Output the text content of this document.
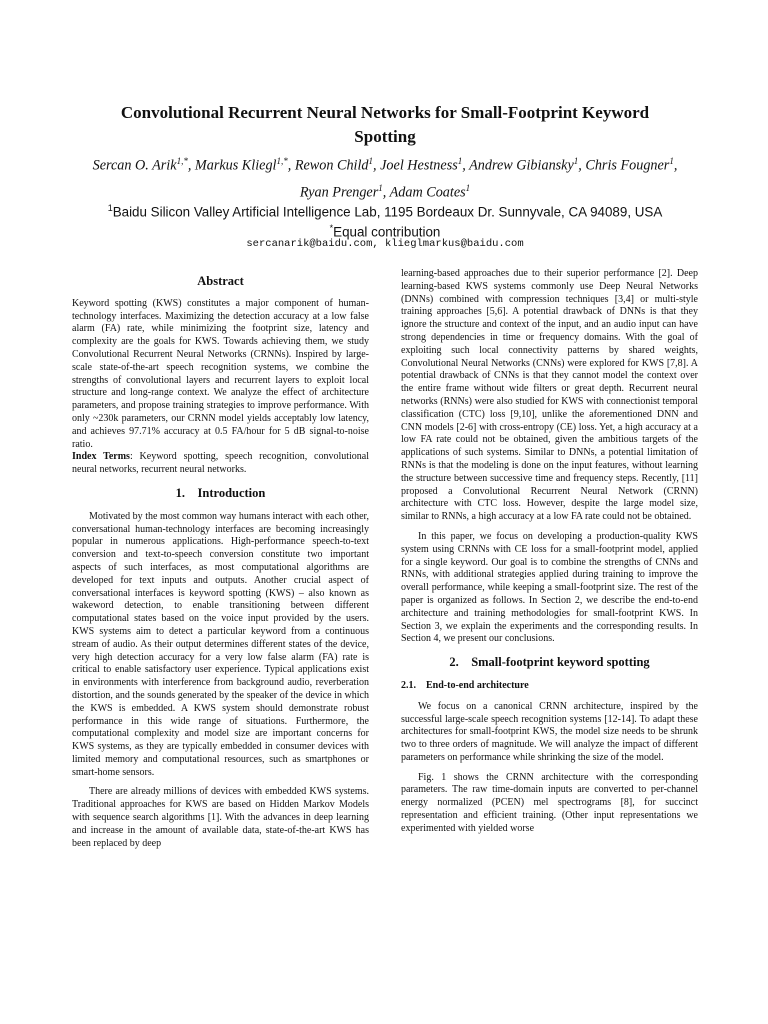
Convolutional Recurrent Neural Networks for Small-Footprint Keyword Spotting

Sercan O. Arik$^{1,*}$, Markus Kliegl$^{1,*}$, Rewon Child$^1$, Joel Hestness$^1$, Andrew Gibiansky$^1$, Chris Fougner$^1$, Ryan Prenger$^1$, Adam Coates$^1$

$^1$Baidu Silicon Valley Artificial Intelligence Lab, 1195 Bordeaux Dr. Sunnyvale, CA 94089, USA
*Equal contribution

sercanarik@baidu.com, klieglmarkus@baidu.com

Abstract

Keyword spotting (KWS) constitutes a major component of human-technology interfaces. Maximizing the detection accuracy at a low false alarm (FA) rate, while minimizing the footprint size, latency and complexity are the goals for KWS. Towards achieving them, we study Convolutional Recurrent Neural Networks (CRNNs). Inspired by large-scale state-of-the-art speech recognition systems, we combine the strengths of convolutional layers and recurrent layers to exploit local structure and long-range context. We analyze the effect of architecture parameters, and propose training strategies to improve performance. With only ~230k parameters, our CRNN model yields acceptably low latency, and achieves 97.71% accuracy at 0.5 FA/hour for 5 dB signal-to-noise ratio.

Index Terms: Keyword spotting, speech recognition, convolutional neural networks, recurrent neural networks.

1. Introduction

Motivated by the most common way humans interact with each other, conversational human-technology interfaces are becoming increasingly popular in numerous applications. High-performance speech-to-text conversion and text-to-speech conversion constitute two important aspects of such interfaces, as most computational algorithms are developed for text inputs and outputs. Another crucial aspect of conversational interfaces is keyword spotting (KWS) – also known as wakeword detection, to enable transitioning between different computational states based on the voice input provided by the users. KWS systems aim to detect a particular keyword from a continuous stream of audio. As their output determines different states of the device, very high detection accuracy for a very low false alarm (FA) rate is critical to enable satisfactory user experience. Typical applications exist in environments with interference from background audio, reverberation distortion, and the sounds generated by the speaker of the device in which the KWS is embedded. A KWS system should demonstrate robust performance in this wide range of situations. Furthermore, the computational complexity and model size are important concerns for KWS systems, as they are typically embedded in consumer devices with limited memory and computational resources, such as smartphones or smart-home sensors.

There are already millions of devices with embedded KWS systems. Traditional approaches for KWS are based on Hidden Markov Models with sequence search algorithms [1]. With the advances in deep learning and increase in the amount of available data, state-of-the-art KWS has been replaced by deep

learning-based approaches due to their superior performance [2]. Deep learning-based KWS systems commonly use Deep Neural Networks (DNNs) combined with compression techniques [3,4] or multi-style training approaches [5,6]. A potential drawback of DNNs is that they ignore the structure and context of the input, and an audio input can have strong dependencies in time or frequency domains. With the goal of exploiting such local connectivity patterns by shared weights, Convolutional Neural Networks (CNNs) were explored for KWS [7,8]. A potential drawback of CNNs is that they cannot model the context over the entire frame without wide filters or great depth. Recurrent neural networks (RNNs) were also studied for KWS with connectionist temporal classification (CTC) loss [9,10], unlike the aforementioned DNN and CNN models [2-6] with cross-entropy (CE) loss. Yet, a high accuracy at a low FA rate could not be obtained, given the ambitious targets of the applications of such systems. Similar to DNNs, a potential limitation of RNNs is that the modeling is done on the input features, without learning the structure between successive time and frequency steps. Recently, [11] proposed a Convolutional Recurrent Neural Network (CRNN) architecture with CTC loss. However, despite the large model size, similar to RNNs, a high accuracy at a low FA rate could not be obtained.

In this paper, we focus on developing a production-quality KWS system using CRNNs with CE loss for a small-footprint model, applied for a single keyword. Our goal is to combine the strengths of CNNs and RNNs, with additional strategies applied during training to improve the overall performance, while keeping a small-footprint size. The rest of the paper is organized as follows. In Section 2, we describe the end-to-end architecture and training methodologies for small-footprint KWS. In Section 3, we explain the experiments and the corresponding results. In Section 4, we present our conclusions.

2. Small-footprint keyword spotting
2.1. End-to-end architecture

We focus on a canonical CRNN architecture, inspired by the successful large-scale speech recognition systems [12-14]. To adapt these architectures for small-footprint KWS, the model size needs to be shrunk two to three orders of magnitude. We will analyze the impact of different parameters on performance while shrinking the size of the model.

Fig. 1 shows the CRNN architecture with the corresponding parameters. The raw time-domain inputs are converted to per-channel energy normalized (PCEN) mel spectrograms [8], for succinct representation and efficient training. (Other input representations we experimented with yielded worse
